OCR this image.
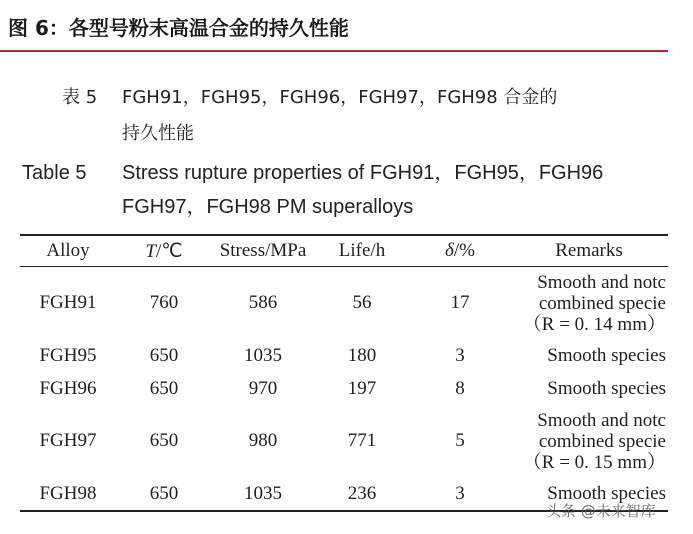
图 6：各型号粉末高温合金的持久性能
表 5 FGH91，FGH95，FGH96，FGH97，FGH98 合金的
持久性能
Table 5 Stress rupture properties of FGH91，FGH95，FGH96
FGH97，FGH98 PM superalloys
Alloy	T/℃	Stress/MPa	Life/h	δ/%	Remarks
FGH91	760	586	56	17	Smooth and notc
combined specie
（R = 0. 14 mm）

FGH95	650	1035	180	3	Smooth species

FGH96	650	970	197	8	Smooth species

FGH97	650	980	771	5	Smooth and notc
combined specie
（R = 0. 15 mm）

FGH98	650	1035	236	3	Smooth species
头条 @未来智库
